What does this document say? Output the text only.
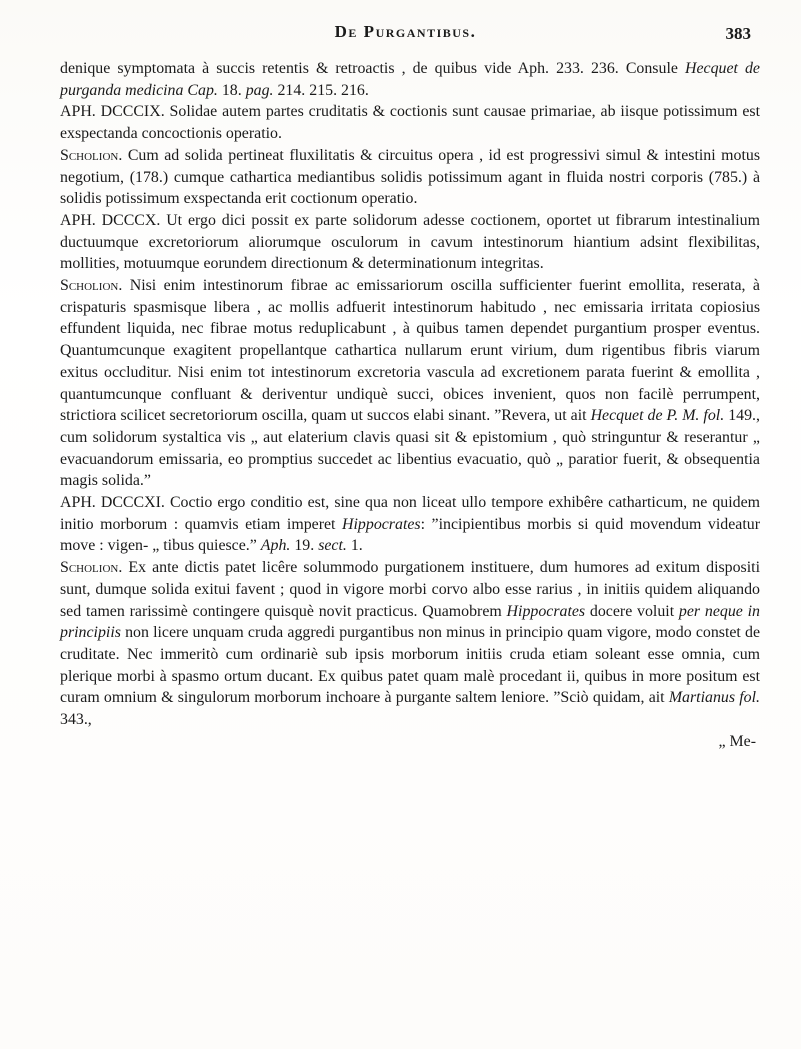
De Purgantibus.	383

denique symptomata à succis retentis & retroactis , de quibus vide Aph. 233. 236. Consule Hecquet de purganda medicina Cap. 18. pag. 214. 215. 216.

APH. DCCCIX. Solidae autem partes cruditatis & coctionis sunt causae primariae, ab iisque potissimum est exspectanda concoctionis operatio.

Scholion. Cum ad solida pertineat fluxilitatis & circuitus opera , id est progressivi simul & intestini motus negotium, (178.) cumque cathartica mediantibus solidis potissimum agant in fluida nostri corporis (785.) à solidis potissimum exspectanda erit coctionum operatio.

APH. DCCCX. Ut ergo dici possit ex parte solidorum adesse coctionem, oportet ut fibrarum intestinalium ductuumque excretoriorum aliorumque osculorum in cavum intestinorum hiantium adsint flexibilitas, mollities, motuumque eorundem directionum & determinationum integritas.

Scholion. Nisi enim intestinorum fibrae ac emissariorum oscilla sufficienter fuerint emollita, reserata, à crispaturis spasmisque libera , ac mollis adfuerit intestinorum habitudo , nec emissaria irritata copiosius effundent liquida, nec fibrae motus reduplicabunt , à quibus tamen dependet purgantium prosper eventus. Quantumcunque exagitent propellantque cathartica nullarum erunt virium, dum rigentibus fibris viarum exitus occluditur. Nisi enim tot intestinorum excretoria vascula ad excretionem parata fuerint & emollita , quantumcunque confluant & deriventur undiquè succi, obices invenient, quos non facilè perrumpent, strictiora scilicet secretoriorum oscilla, quam ut succos elabi sinant. ”Revera, ut ait Hecquet de P. M. fol. 149., cum solidorum systaltica vis „ aut elaterium clavis quasi sit & epistomium , quò stringuntur & reserantur „ evacuandorum emissaria, eo promptius succedet ac libentius evacuatio, quò „ paratior fuerit, & obsequentia magis solida.”

APH. DCCCXI. Coctio ergo conditio est, sine qua non liceat ullo tempore exhibêre catharticum, ne quidem initio morborum : quamvis etiam imperet Hippocrates: ”incipientibus morbis si quid movendum videatur move : vigen- „ tibus quiesce.” Aph. 19. sect. 1.

Scholion. Ex ante dictis patet licêre solummodo purgationem instituere, dum humores ad exitum dispositi sunt, dumque solida exitui favent ; quod in vigore morbi corvo albo esse rarius , in initiis quidem aliquando sed tamen rarissimè contingere quisquè novit practicus. Quamobrem Hippocrates docere voluit per neque in principiis non licere unquam cruda aggredi purgantibus non minus in principio quam vigore, modo constet de cruditate. Nec immeritò cum ordinariè sub ipsis morborum initiis cruda etiam soleant esse omnia, cum plerique morbi à spasmo ortum ducant. Ex quibus patet quam malè procedant ii, quibus in more positum est curam omnium & singulorum morborum inchoare à purgante saltem leniore. ”Sciò quidam, ait Martianus fol. 343.,

„ Me-
